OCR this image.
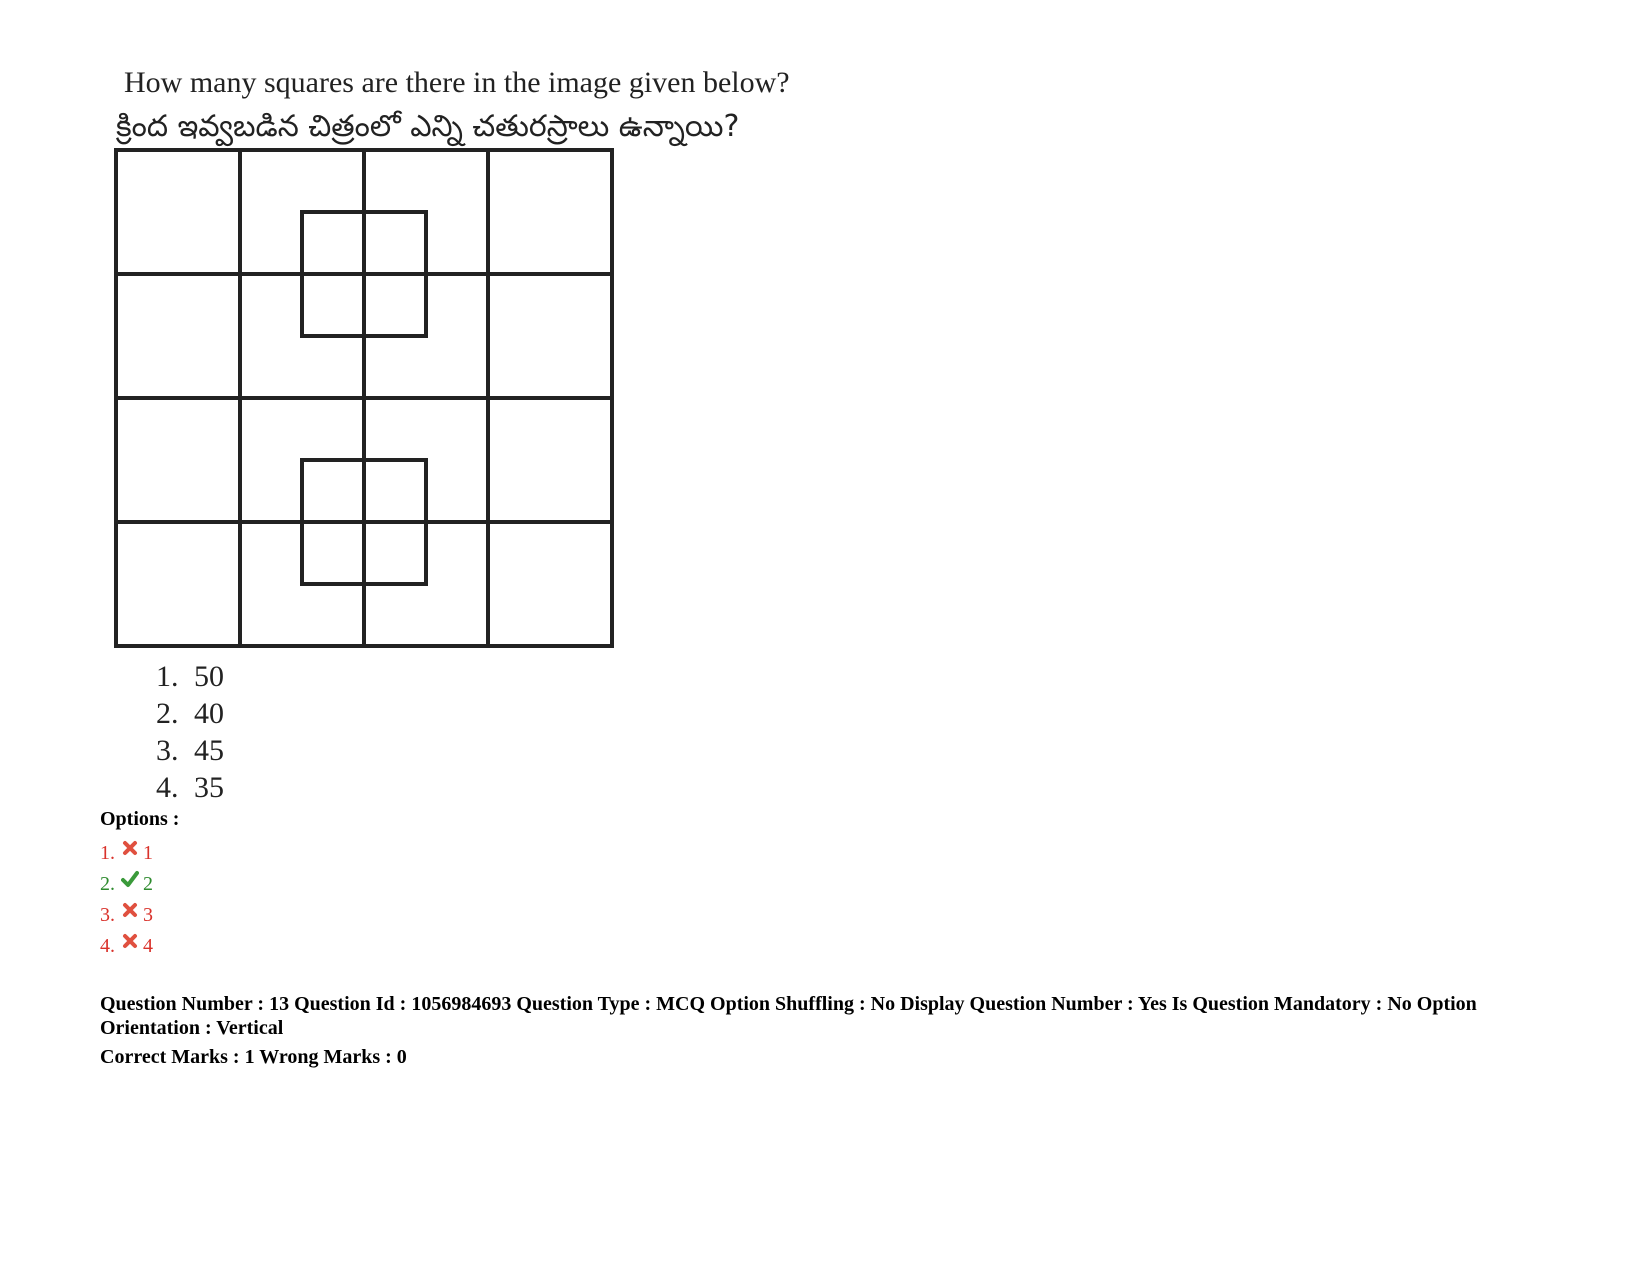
How many squares are there in the image given below?
క్రింద ఇవ్వబడిన చిత్రంలో ఎన్ని చతురస్రాలు ఉన్నాయి?
1. 50
2. 40
3. 45
4. 35
Options :
1. 1
2. 2
3. 3
4. 4
Question Number : 13 Question Id : 1056984693 Question Type : MCQ Option Shuffling : No Display Question Number : Yes Is Question Mandatory : No Option Orientation : Vertical
Correct Marks : 1 Wrong Marks : 0
